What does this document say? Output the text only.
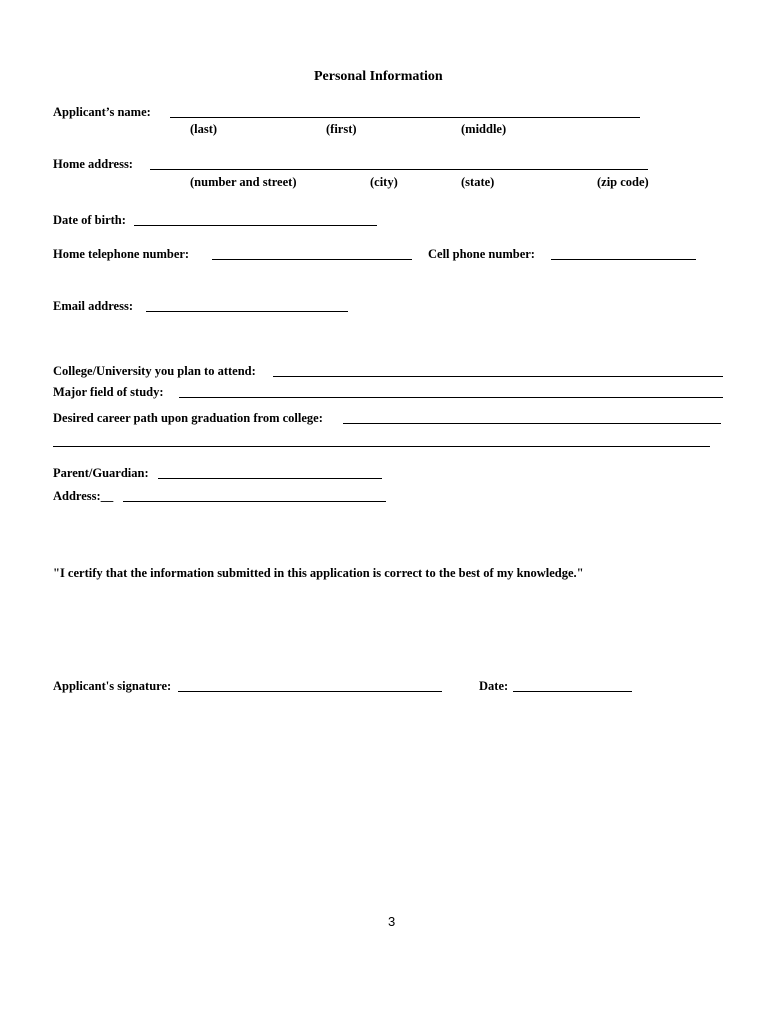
Personal Information
Applicant’s name:
(last)	(first)	(middle)
Home address:
(number and street)	(city)	(state)	(zip code)
Date of birth:
Home telephone number:	Cell phone number:
Email address:
College/University you plan to attend:
Major field of study:
Desired career path upon graduation from college:
Parent/Guardian:
Address:__
"I certify that the information submitted in this application is correct to the best of my knowledge."
Applicant's signature:	Date:
3
